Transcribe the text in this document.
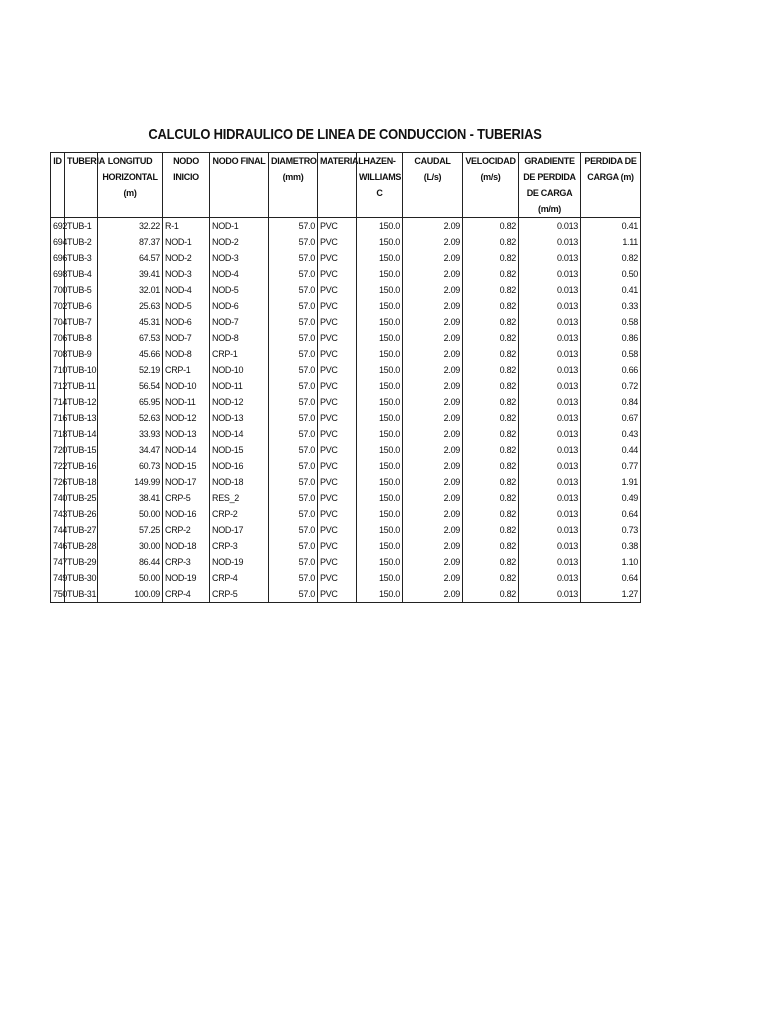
CALCULO HIDRAULICO DE LINEA DE CONDUCCION - TUBERIAS
ID	TUBERIA	LONGITUD HORIZONTAL (m)	NODO INICIO	NODO FINAL	DIAMETRO (mm)	MATERIAL	HAZEN-WILLIAMS C	CAUDAL (L/s)	VELOCIDAD (m/s)	GRADIENTE DE PERDIDA DE CARGA (m/m)	PERDIDA DE CARGA (m)
692	TUB-1	32.22	R-1	NOD-1	57.0	PVC	150.0	2.09	0.82	0.013	0.41
694	TUB-2	87.37	NOD-1	NOD-2	57.0	PVC	150.0	2.09	0.82	0.013	1.11
696	TUB-3	64.57	NOD-2	NOD-3	57.0	PVC	150.0	2.09	0.82	0.013	0.82
698	TUB-4	39.41	NOD-3	NOD-4	57.0	PVC	150.0	2.09	0.82	0.013	0.50
700	TUB-5	32.01	NOD-4	NOD-5	57.0	PVC	150.0	2.09	0.82	0.013	0.41
702	TUB-6	25.63	NOD-5	NOD-6	57.0	PVC	150.0	2.09	0.82	0.013	0.33
704	TUB-7	45.31	NOD-6	NOD-7	57.0	PVC	150.0	2.09	0.82	0.013	0.58
706	TUB-8	67.53	NOD-7	NOD-8	57.0	PVC	150.0	2.09	0.82	0.013	0.86
708	TUB-9	45.66	NOD-8	CRP-1	57.0	PVC	150.0	2.09	0.82	0.013	0.58
710	TUB-10	52.19	CRP-1	NOD-10	57.0	PVC	150.0	2.09	0.82	0.013	0.66
712	TUB-11	56.54	NOD-10	NOD-11	57.0	PVC	150.0	2.09	0.82	0.013	0.72
714	TUB-12	65.95	NOD-11	NOD-12	57.0	PVC	150.0	2.09	0.82	0.013	0.84
716	TUB-13	52.63	NOD-12	NOD-13	57.0	PVC	150.0	2.09	0.82	0.013	0.67
718	TUB-14	33.93	NOD-13	NOD-14	57.0	PVC	150.0	2.09	0.82	0.013	0.43
720	TUB-15	34.47	NOD-14	NOD-15	57.0	PVC	150.0	2.09	0.82	0.013	0.44
722	TUB-16	60.73	NOD-15	NOD-16	57.0	PVC	150.0	2.09	0.82	0.013	0.77
726	TUB-18	149.99	NOD-17	NOD-18	57.0	PVC	150.0	2.09	0.82	0.013	1.91
740	TUB-25	38.41	CRP-5	RES_2	57.0	PVC	150.0	2.09	0.82	0.013	0.49
743	TUB-26	50.00	NOD-16	CRP-2	57.0	PVC	150.0	2.09	0.82	0.013	0.64
744	TUB-27	57.25	CRP-2	NOD-17	57.0	PVC	150.0	2.09	0.82	0.013	0.73
746	TUB-28	30.00	NOD-18	CRP-3	57.0	PVC	150.0	2.09	0.82	0.013	0.38
747	TUB-29	86.44	CRP-3	NOD-19	57.0	PVC	150.0	2.09	0.82	0.013	1.10
749	TUB-30	50.00	NOD-19	CRP-4	57.0	PVC	150.0	2.09	0.82	0.013	0.64
750	TUB-31	100.09	CRP-4	CRP-5	57.0	PVC	150.0	2.09	0.82	0.013	1.27
